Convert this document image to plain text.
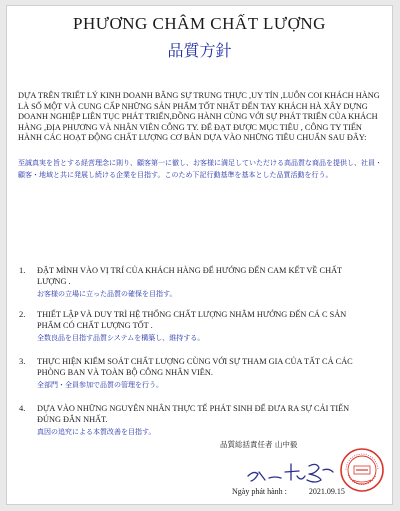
PHƯƠNG CHÂM CHẤT LƯỢNG
品質方針
DỰA TRÊN TRIẾT LÝ KINH DOANH BẰNG SỰ TRUNG THỰC ,UY TÍN ,LUÔN COI KHÁCH HÀNG LÀ SỐ MỘT VÀ CUNG CẤP NHỮNG SẢN PHẨM TỐT NHẤT ĐẾN TAY KHÁCH HÀ XÂY DỰNG DOANH NGHIỆP LIÊN TỤC PHÁT TRIỂN,ĐỒNG HÀNH CÙNG VỚI SỰ PHÁT TRIỂN CỦA KHÁCH HÀNG ,ĐỊA PHƯƠNG VÀ NHÂN VIÊN CÔNG TY. ĐỂ ĐẠT ĐƯỢC MỤC TIÊU , CÔNG TY TIẾN HÀNH CÁC HOẠT ĐỘNG CHẤT LƯỢNG CƠ BẢN DỰA VÀO NHỮNG TIÊU CHUẨN SAU ĐÂY:
至誠真実を旨とする経営理念に則り、顧客第一に徹し、お客様に満足していただける高品質な商品を提供し、社員・顧客・地域と共に発展し続ける企業を目指す。このため下記行動基準を基本とした品質活動を行う。
1. ĐẶT MÌNH VÀO VỊ TRÍ CỦA KHÁCH HÀNG ĐỂ HƯỚNG ĐẾN CAM KẾT VỀ CHẤT LƯỢNG .
お客様の立場に立った品質の確保を目指す。
2. THIẾT LẬP VÀ DUY TRÌ HỆ THỐNG CHẤT LƯỢNG NHẰM HƯỚNG ĐẾN CÁ C SẢN PHẨM CÓ CHẤT LƯỢNG TỐT .
全数良品を目指す品質システムを構築し、維持する。
3. THỰC HIỆN KIỂM SOÁT CHẤT LƯỢNG CÙNG VỚI SỰ THAM GIA CỦA TẤT CẢ CÁC PHÒNG BAN VÀ TOÀN BỘ CÔNG NHÂN VIÊN.
全部門・全員参加で品質の管理を行う。
4. DỰA VÀO NHỮNG NGUYÊN NHÂN THỰC TẾ PHÁT SINH ĐỂ ĐƯA RA SỰ CẢI TIẾN ĐÚNG ĐẮN NHẤT.
真因の追究による本質改善を目指す。
品質総括責任者 山中毅
Ngày phát hành :	2021.09.15
